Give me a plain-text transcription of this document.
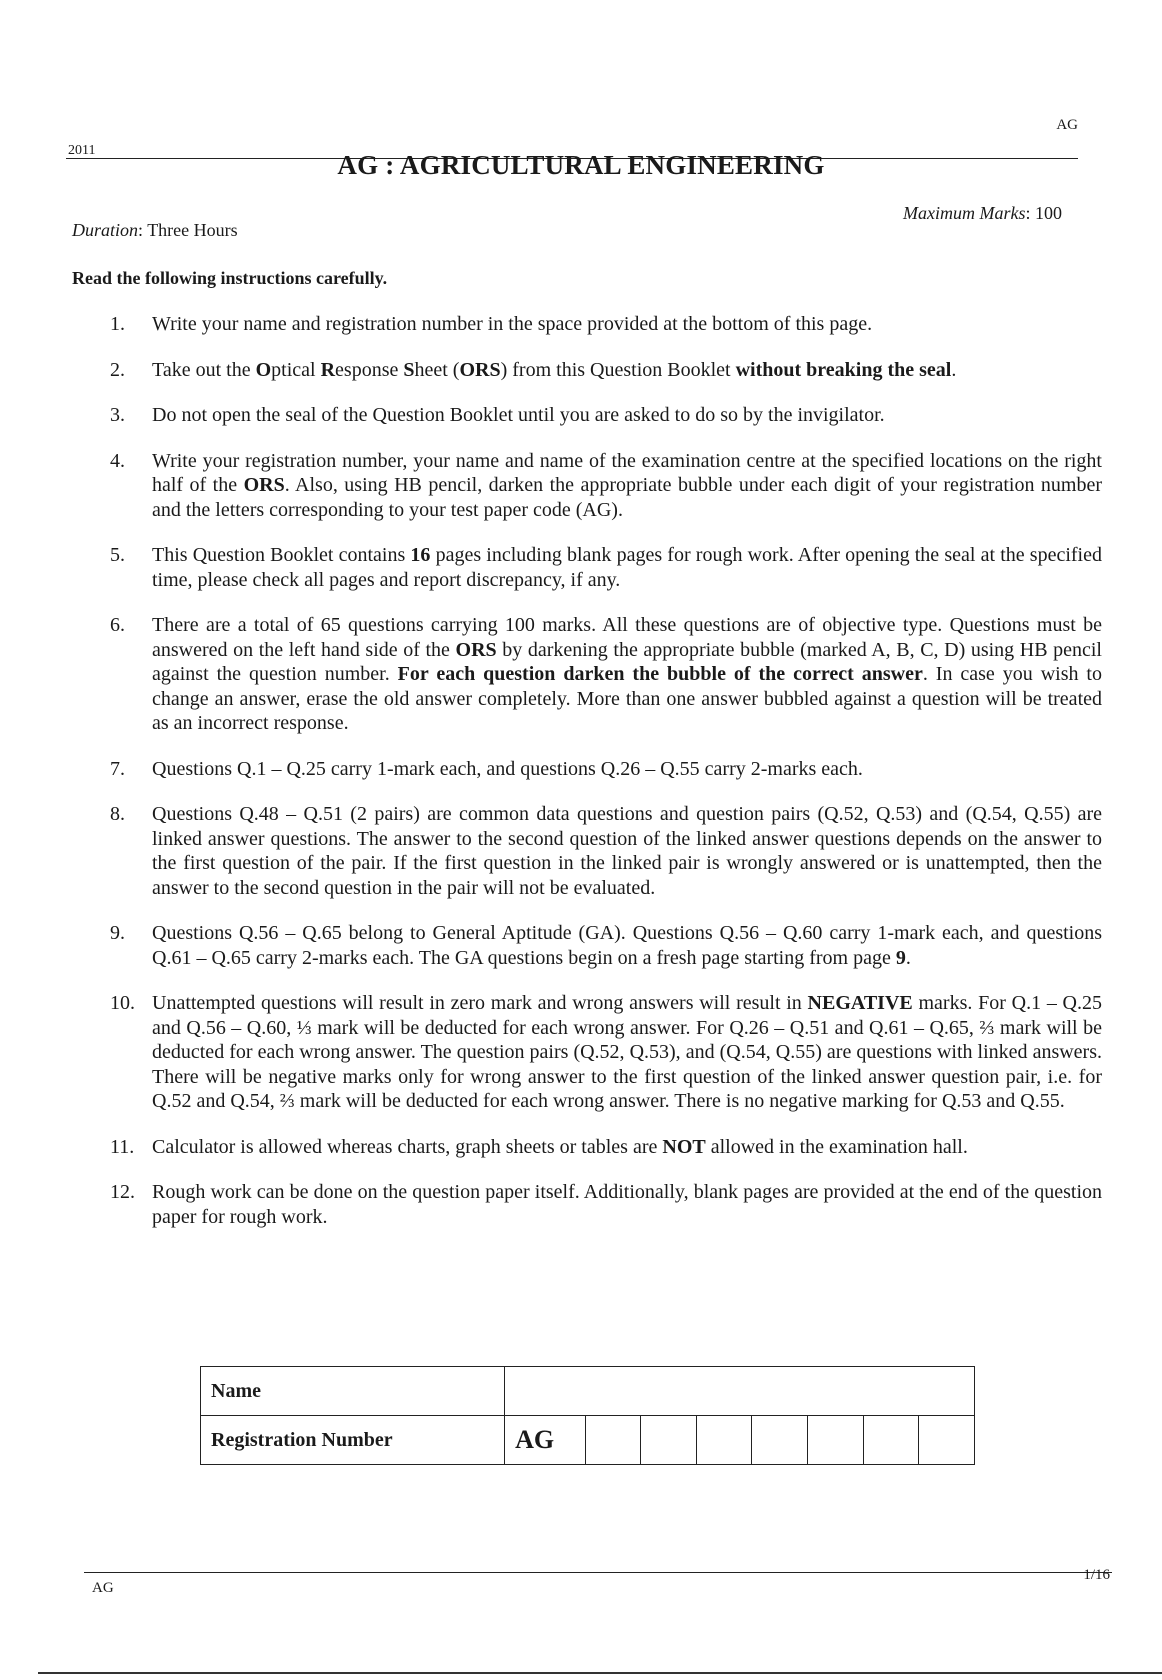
AG
2011	AG : AGRICULTURAL ENGINEERING
Duration: Three Hours
Maximum Marks: 100
Read the following instructions carefully.
1.	Write your name and registration number in the space provided at the bottom of this page.
2.	Take out the Optical Response Sheet (ORS) from this Question Booklet without breaking the seal.
3.	Do not open the seal of the Question Booklet until you are asked to do so by the invigilator.
4.	Write your registration number, your name and name of the examination centre at the specified locations on the right half of the ORS. Also, using HB pencil, darken the appropriate bubble under each digit of your registration number and the letters corresponding to your test paper code (AG).
5.	This Question Booklet contains 16 pages including blank pages for rough work. After opening the seal at the specified time, please check all pages and report discrepancy, if any.
6.	There are a total of 65 questions carrying 100 marks. All these questions are of objective type. Questions must be answered on the left hand side of the ORS by darkening the appropriate bubble (marked A, B, C, D) using HB pencil against the question number. For each question darken the bubble of the correct answer. In case you wish to change an answer, erase the old answer completely. More than one answer bubbled against a question will be treated as an incorrect response.
7.	Questions Q.1 – Q.25 carry 1-mark each, and questions Q.26 – Q.55 carry 2-marks each.
8.	Questions Q.48 – Q.51 (2 pairs) are common data questions and question pairs (Q.52, Q.53) and (Q.54, Q.55) are linked answer questions. The answer to the second question of the linked answer questions depends on the answer to the first question of the pair. If the first question in the linked pair is wrongly answered or is unattempted, then the answer to the second question in the pair will not be evaluated.
9.	Questions Q.56 – Q.65 belong to General Aptitude (GA). Questions Q.56 – Q.60 carry 1-mark each, and questions Q.61 – Q.65 carry 2-marks each. The GA questions begin on a fresh page starting from page 9.
10. Unattempted questions will result in zero mark and wrong answers will result in NEGATIVE marks. For Q.1 – Q.25 and Q.56 – Q.60, ⅓ mark will be deducted for each wrong answer. For Q.26 – Q.51 and Q.61 – Q.65, ⅔ mark will be deducted for each wrong answer. The question pairs (Q.52, Q.53), and (Q.54, Q.55) are questions with linked answers. There will be negative marks only for wrong answer to the first question of the linked answer question pair, i.e. for Q.52 and Q.54, ⅔ mark will be deducted for each wrong answer. There is no negative marking for Q.53 and Q.55.
11. Calculator is allowed whereas charts, graph sheets or tables are NOT allowed in the examination hall.
12. Rough work can be done on the question paper itself. Additionally, blank pages are provided at the end of the question paper for rough work.
Name								
Registration Number	AG							
AG
1/16
